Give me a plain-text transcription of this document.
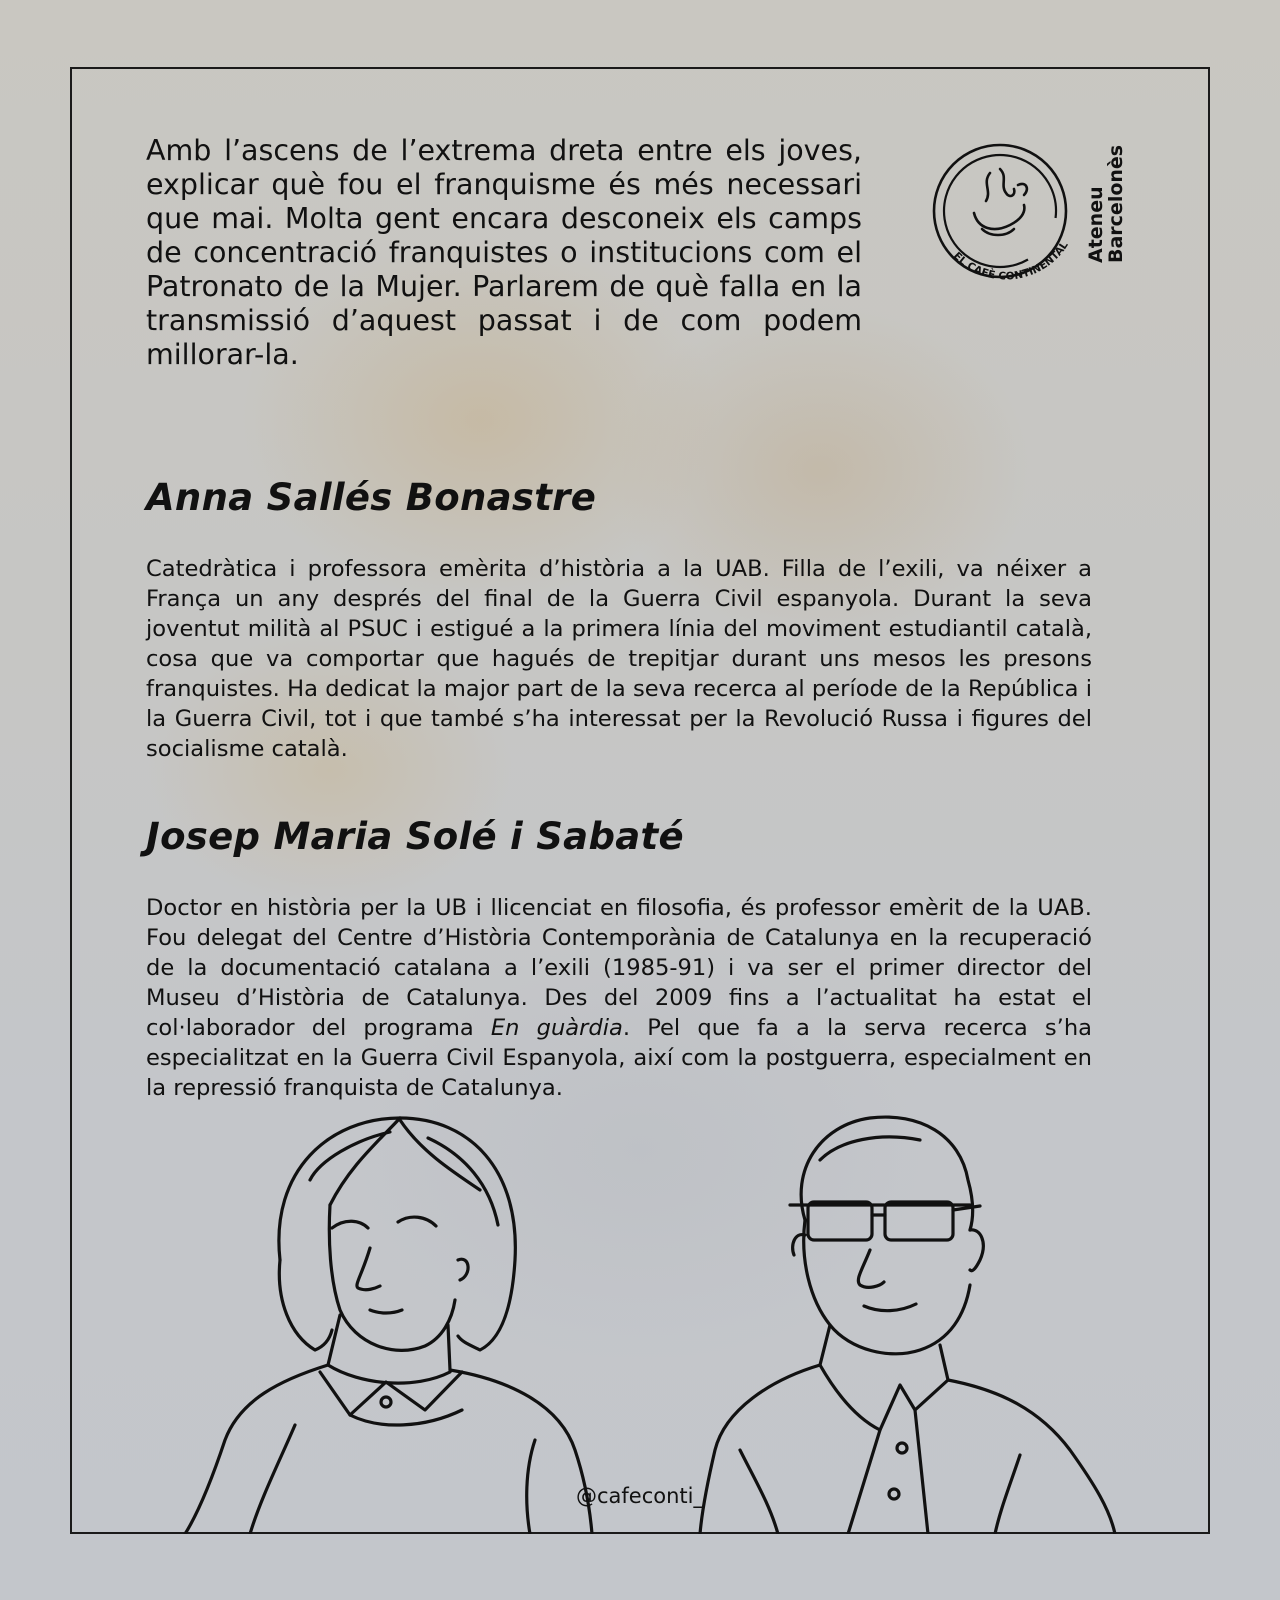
Amb l’ascens de l’extrema dreta entre els joves, explicar què fou el franquisme és més necessari que mai. Molta gent encara desconeix els camps de concentració franquistes o institucions com el Patronato de la Mujer. Parlarem de què falla en la transmissió d’aquest passat i de com podem millorar-la.

EL CAFÈ CONTINENTAL Ateneu
Barcelonès
Anna Sallés Bonastre

Catedràtica i professora emèrita d’història a la UAB. Filla de l’exili, va néixer a França un any després del final de la Guerra Civil espanyola. Durant la seva joventut milità al PSUC i estigué a la primera línia del moviment estudiantil català, cosa que va comportar que hagués de trepitjar durant uns mesos les presons franquistes. Ha dedicat la major part de la seva recerca al període de la República i la Guerra Civil, tot i que també s’ha interessat per la Revolució Russa i figures del socialisme català.

Josep Maria Solé i Sabaté

Doctor en història per la UB i llicenciat en filosofia, és professor emèrit de la UAB. Fou delegat del Centre d’Història Contemporània de Catalunya en la recuperació de la documentació catalana a l’exili (1985-91) i va ser el primer director del Museu d’Història de Catalunya. Des del 2009 fins a l’actualitat ha estat el col·laborador del programa En guàrdia. Pel que fa a la serva recerca s’ha especialitzat en la Guerra Civil Espanyola, així com la postguerra, especialment en la repressió franquista de Catalunya.

@cafeconti_
